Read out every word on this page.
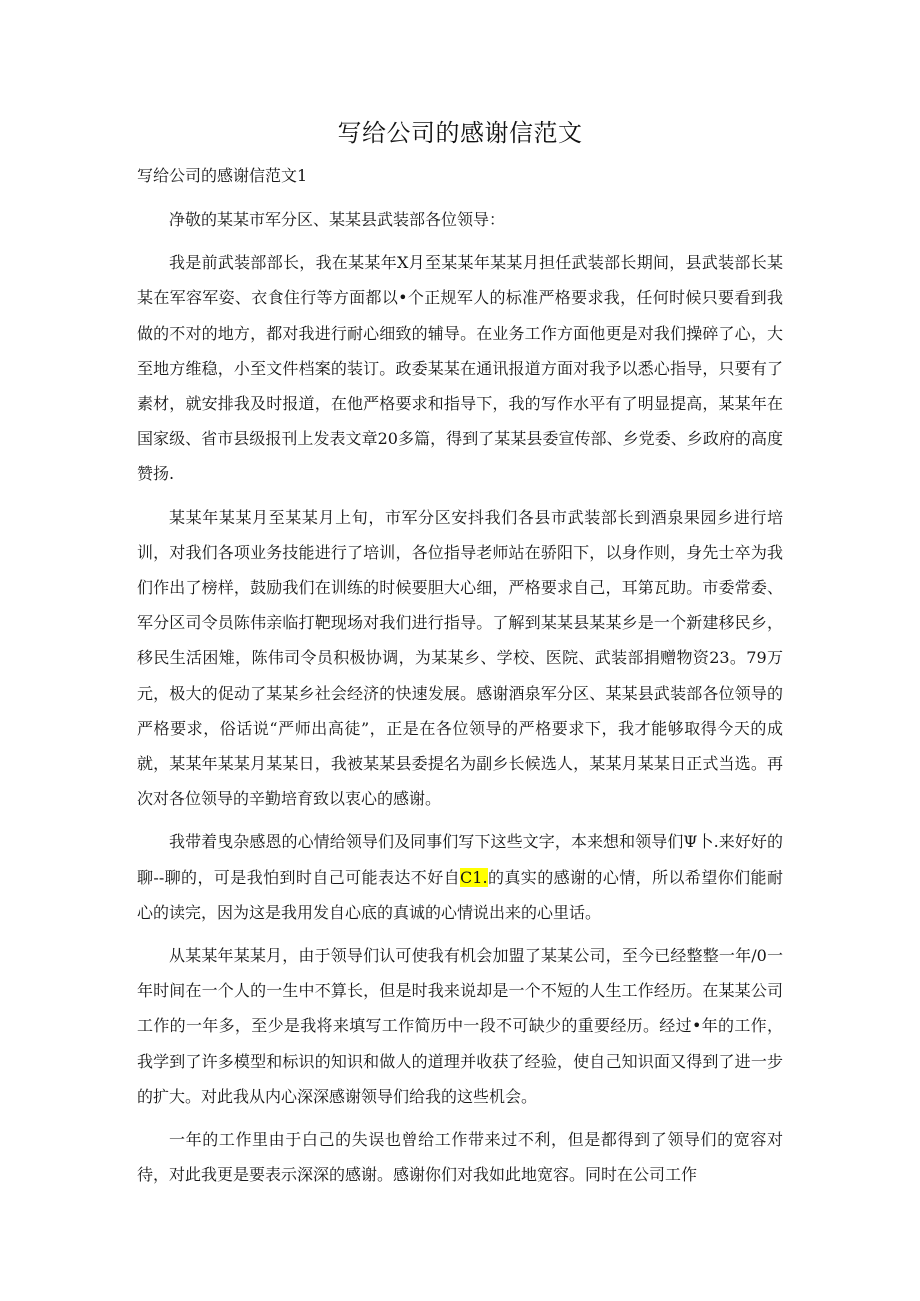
写给公司的感谢信范文
写给公司的感谢信范文1

净敬的某某市军分区、某某县武装部各位领导：

我是前武装部部长，我在某某年X月至某某年某某月担任武装部长期间，县武装部长某某在军容军姿、衣食住行等方面都以•个正规军人的标准严格要求我，任何时候只要看到我做的不对的地方，都对我进行耐心细致的辅导。在业务工作方面他更是对我们操碎了心，大至地方维稳，小至文件档案的装订。政委某某在通讯报道方面对我予以悉心指导，只要有了素材，就安排我及时报道，在他严格要求和指导下，我的写作水平有了明显提高，某某年在国家级、省市县级报刊上发表文章20多篇，得到了某某县委宣传部、乡党委、乡政府的高度赞扬.

某某年某某月至某某月上旬，市军分区安抖我们各县市武装部长到酒泉果园乡进行培训，对我们各项业务技能进行了培训，各位指导老师站在骄阳下，以身作则，身先士卒为我们作出了榜样，鼓励我们在训练的时候要胆大心细，严格要求自己，耳第瓦助。市委常委、军分区司令员陈伟亲临打靶现场对我们进行指导。了解到某某县某某乡是一个新建移民乡，移民生活困雉，陈伟司令员积极协调，为某某乡、学校、医院、武装部捐赠物资23。79万元，极大的促动了某某乡社会经济的快速发展。感谢酒泉军分区、某某县武装部各位领导的严格要求，俗话说“严师出高徒”，正是在各位领导的严格要求下，我才能够取得今天的成就，某某年某某月某某日，我被某某县委提名为副乡长候选人，某某月某某日正式当选。再次对各位领导的辛勤培育致以衷心的感谢。

我带着曳杂感恩的心情给领导们及同事们写下这些文字，本来想和领导们Ψ卜.来好好的聊--聊的，可是我怕到时自己可能表达不好自C1.的真实的感谢的心情，所以希望你们能耐心的读完，因为这是我用发自心底的真诚的心情说出来的心里话。

从某某年某某月，由于领导们认可使我有机会加盟了某某公司，至今已经整整一年/0一年时间在一个人的一生中不算长，但是时我来说却是一个不短的人生工作经历。在某某公司工作的一年多，至少是我将来填写工作简历中一段不可缺少的重要经历。经过•年的工作，我学到了许多模型和标识的知识和做人的道理并收获了经验，使自己知识面又得到了进一步的扩大。对此我从内心深深感谢领导们给我的这些机会。

一年的工作里由于白己的失误也曾给工作带来过不利，但是都得到了领导们的宽容对待，对此我更是要表示深深的感谢。感谢你们对我如此地宽容。同时在公司工作
